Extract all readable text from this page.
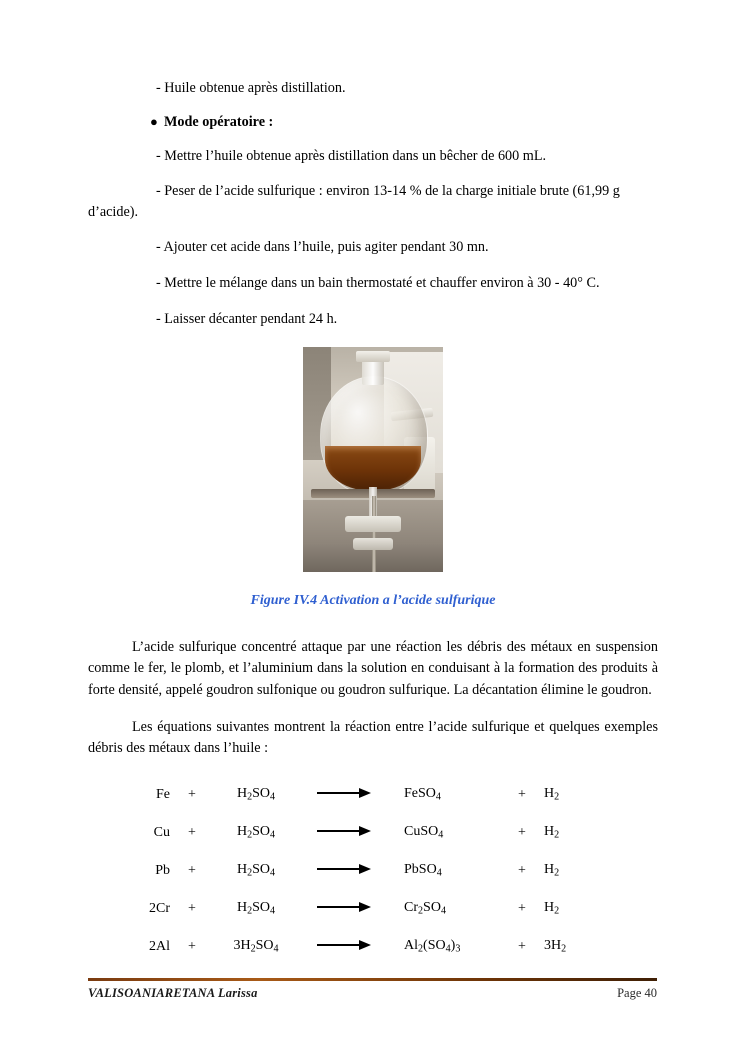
- Huile obtenue après distillation.

● Mode opératoire :

- Mettre l’huile obtenue après distillation dans un bêcher de 600 mL.

- Peser de l’acide sulfurique : environ 13-14 % de la charge initiale brute (61,99 g

d’acide).

- Ajouter cet acide dans l’huile, puis agiter pendant 30 mn.

- Mettre le mélange dans un bain thermostaté et chauffer environ à 30 - 40° C.

- Laisser décanter pendant 24 h.

Figure IV.4 Activation a l’acide sulfurique

L’acide sulfurique concentré attaque par une réaction les débris des métaux en suspension comme le fer, le plomb, et l’aluminium dans la solution en conduisant à la formation des produits à forte densité, appelé goudron sulfonique ou goudron sulfurique. La décantation élimine le goudron.

Les équations suivantes montrent la réaction entre l’acide sulfurique et quelques exemples débris des métaux dans l’huile :

Fe	+	$H_2SO_4$	FeSO$_4$	+	$H_2$
Cu	+	$H_2SO_4$	CuSO$_4$	+	$H_2$
Pb	+	$H_2SO_4$	PbSO$_4$	+	$H_2$
2Cr	+	$H_2SO_4$	$Cr_2SO_4$	+	$H_2$
2Al	+	$3H_2SO_4$	$Al_2(SO_4)_3$	+	$3H_2$
VALISOANIARETANA Larissa	Page 40
